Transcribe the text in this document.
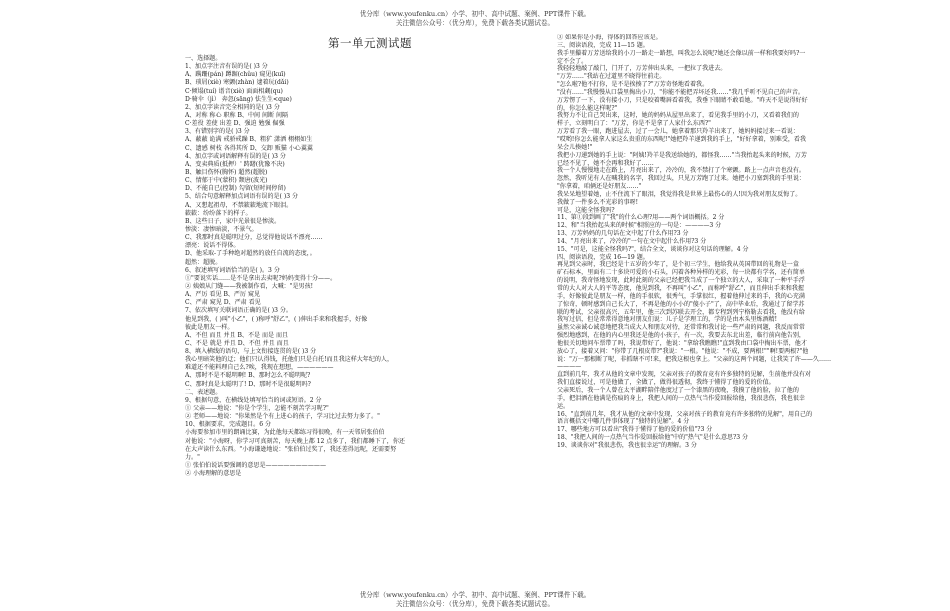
优分库（www.youfenku.cn）小学、初中、高中试题、案例、PPT课件下载。
关注微信公众号：（优分库），免费下载各类试题试卷。
第一单元测试题
一、选择题。
1、加点字注音有误的是( )3 分
A、蹒跚(pán) 蹲踞(chǔu) 窥见(kuī)
B、琐屑(xiè) 寒颤(zhàn) 逮着玩(dǎi)
C·倾塌(tuí) 谱音(xiè) 面面相觑(qu)
D·骑伞（jì） 奔忽(sāng) 怯生生<que)
2、加点字读音完全相同的是( )3 分
A、对称 称心 职称 B、中间 间断 间隔
C·差役 差使 出差 D、强迫 勉强 倔强
3、有错别字的是( )3 分
A、蔽蔽 诡满 戒骄戒躁 B、粗犷 潇洒 栩栩如生
C、遗感 树枝 各得其所 D、交卸 贩猫 小心翼翼
4、加点字或词语解释有误的是( )3 分
A、变卖典质(抵押）' 踌躇(犹豫不决)
B、触目伤怀(胸怀) 超然(超脱)
C、情郁于中(蒙积) 颓唐(波光)
D、不能自已(控制) 勾留(短时间停留)
5、结合句意解释加点词语有误的是( )3 分
A、又想起祖母，不禁簌簌地流下眼泪。
簌簌：纷纷落下的样子。
B、这些日子，家中光景很是惨淡。
惨淡：凄惨暗淡，不景气。
C、我那时真是聪明过分，总觉得他说话不漂亮……
漂亮：说话不得体。
D、他采取-了手种绝对超然的放任自流的态度，。
超然：超脱。
6、叙述填写词语恰当的是( )。3 分
①"要说实话……是不是拿出去卖呢?妈妈变得十分——。
② 姨娘从门缝——我被制作看，大喊："是男孩!
A、严厉 看见 B、严厉 窥见
C、严肃 窥见 D、严肃 看见
7、依次填写关联词语正确的是( )3 分。
他见到我，( )叫"小乙"，( )称呼"舒乙"，( )伸出手来和我握手，好像
彼此是朋友一样。
A、不但 而且 并且 B、不是 而是 而且
C、不是 就是 并且 D、不但 并且 而且
8、填入横线的语句，与上文衔接连贯的是( )3 分
我心里暗笑他的迂；他们只认得钱，托他们只是白托!而且我这样大年纪的人，
难道还不能料理自己么?唉，我现在想想，——————
A、那时不是不聪明啊! B、那时怎么不聪明呢?
C、那时真是太聪明了! D、那时不是很聪明吗?
二、表述题。
9、根据句意，在横线处填写恰当的词或短语。2 分
① 父亲——地说："你是个学生，怎能不刻苦学习呢?"
② 老师——地说："你果然是个有上进心的孩子，学习比过去努力多了。"
10、根据要求，完成题目。6 分
小海要参加市里的朗诵比赛，为此他每天都练习得很晚，有一天邻居张伯伯
对他说："小海呀，你学习可真刻苦，每天晚上都 12 点多了，我们都睡下了，你还
在大声读什么东西。"小海谦逊地说："张伯伯过奖了，我还差得远呢，还需要努
力。"
① 张伯伯说话要强调的意思是——————————
② 小海理解的意思是
③ 如果你是小海，得体的回答应该是。
三、阅读语段，完成 11—15 题。
我手里攥着万芳送给我的小刀一路走一路想，叫我怎么说呢?她还会像以前一样和我要好吗?一
定不会了。
我轻轻地敲了敲门，门开了，万芳伸出头来，一把拉了我进去。
"万芳……"我站在过道里不晓得往前走。
"怎么啦?他不打你，是不是挨揍了?"万芳奇怪地看着我。
"没有……"我慢慢从口袋里掏出小刀，"你能不能把弄坏还我……"我几乎听不见自己的声音。
万芳愣了一下，没有接小刀，只是咬着嘴唇看着我，我垂下眼睛不敢看她。"昨天不是说得好好
的，你怎么能这样呢?"
我努力不让自己哭出来，这时，她的妈妈从屋里出来了，看见我手里的小刀，又看着我们的
样子，立刻明白了："万芳，你是不是拿了人家什么东西?"
万芳看了我一眼，跑进屋去，过了一会儿，她拿着那只羚羊出来了，她妈妈接过来一看说：
"哎哟!你怎么能拿人家这么贵重的东西呢!"她把羚羊递到我的手上，"好好拿着，别难受，看我
呆会儿揍她!"
我把小刀递到她的手上说："阿姨!羚羊是我送给她的，都怪我……"当我抬起头来的时候，万芳
已经不见了，她不会再和我好了……
我一个人慢慢地走在路上，月亮出来了，冷冷的，我不禁打了个寒颤。路上一点声音也没有。
忽然，我听见有人在喊我的名字，我回过头，只见万芳跑了过来。她把小刀塞到我的手里说：
"你拿着，咱俩还是好朋友……"
我呆呆地望着她，止不住流下了眼泪，我觉得我是世界上最伤心的人!因为我对朋友反悔了。
我做了一件多么不光彩的事呀!
可是，这能全怪我吗?
11、第①段到画了"我"的什么心理?用——两个词语概括。2 分
12、和"当我抬起头来的时候"相照应的一句是：————3 分
13、万芳妈妈的几句话在文中起了什么作用?3 分
14、"月亮出来了，冷冷的"一句在文中起什么作用?3 分
15、"可是，这能全怪我吗?"，结合全文，谈谈你对这句话的理解。4 分
四、阅读语段，完成 16—19 题。
再见到父亲时，我已经是十五岁的少年了，是个初三学生，他给我从英国带回的礼物是一盒
矿石标本，里面有二十多块可爱的小石头，闪着各种异样的光彩，每一块都有学名，还有简单
的说明，我奇怪地发现，此时此刻的父亲已经把我当成了一个独立的大人，采取了一种平手浮
常的大人对大人的平等态度，他见到我，不再叫"小乙"，而称呼"舒乙"，而且伸出手来和我握
手，好像彼此是朋友一样，他的手很软，很秀气，手掌很红，握着他伸过来的手，我的心充满
了惊奇，顿时感到自己长大了，不再是他的小小的"傻小子"了，高中毕业后，我通过了留学苏
联的考试，父亲很高兴，五年里，他三次到苏联去开会，都专程到列宁格勒去看我，他没有给
我写过信，但是常常得意地对朋友们说：儿子是学理工的，学的是由木头里炼酒精!
虽然父亲诚心诚意地把我当成大人和朋友对待，还常常和我讨论一些严肃的问题，我反而常常
强烈地感到，在他的内心里我还是他的小孩子，有一次，我要去东北出差，临行前向他告别，
他很关切地问车票带了吗，我说带好了，他说："拿给我瞧瞧!"直到我由口袋中掏出车票，他才
放心了，接着又问："你带了几根皮带?"我说："一根。"他说："不成，要两根!""啊!要两根?"他
说："万一那根断了呢，非抓瞎不可!来，把我这根也拿上。"父亲的这两个问题，让我笑了许——久……
————
直到前几年，我才从他的文章中发现，父亲对孩子的教育竟有许多独特的见解，生前他并没有对
我们直接说过，可是他做了，全做了，做得很透彻，我终于懂得了他的爱的价值。
父亲死后，我一个人曾在太平湖畔陪伴他度过了一个漆黑的夜晚，我摸了他的脸，拉了他的
手，把泪洒在他满是伤痕的身上，我把人间的一点热气当作爱回报给他，我很悲伤，我也很幸
运。
16、"直到前几年，我才从他的文章中发现，父亲对孩子的教育竟有许多独特的见解"，用自己的
语言概括文中哪几件事体现了"独特的见解"。4 分
17、哪些地方可以看出"我得于懂得了他的爱的价值"?3 分
18、"我把人间的一点热气当作爱回报给他"中的"热气"是什么意思?3 分
19、谈谈你对"我很悲伤，我也很幸运"的理解。3 分
优分库（www.youfenku.cn）小学、初中、高中试题、案例、PPT课件下载。
关注微信公众号：（优分库），免费下载各类试题试卷。
